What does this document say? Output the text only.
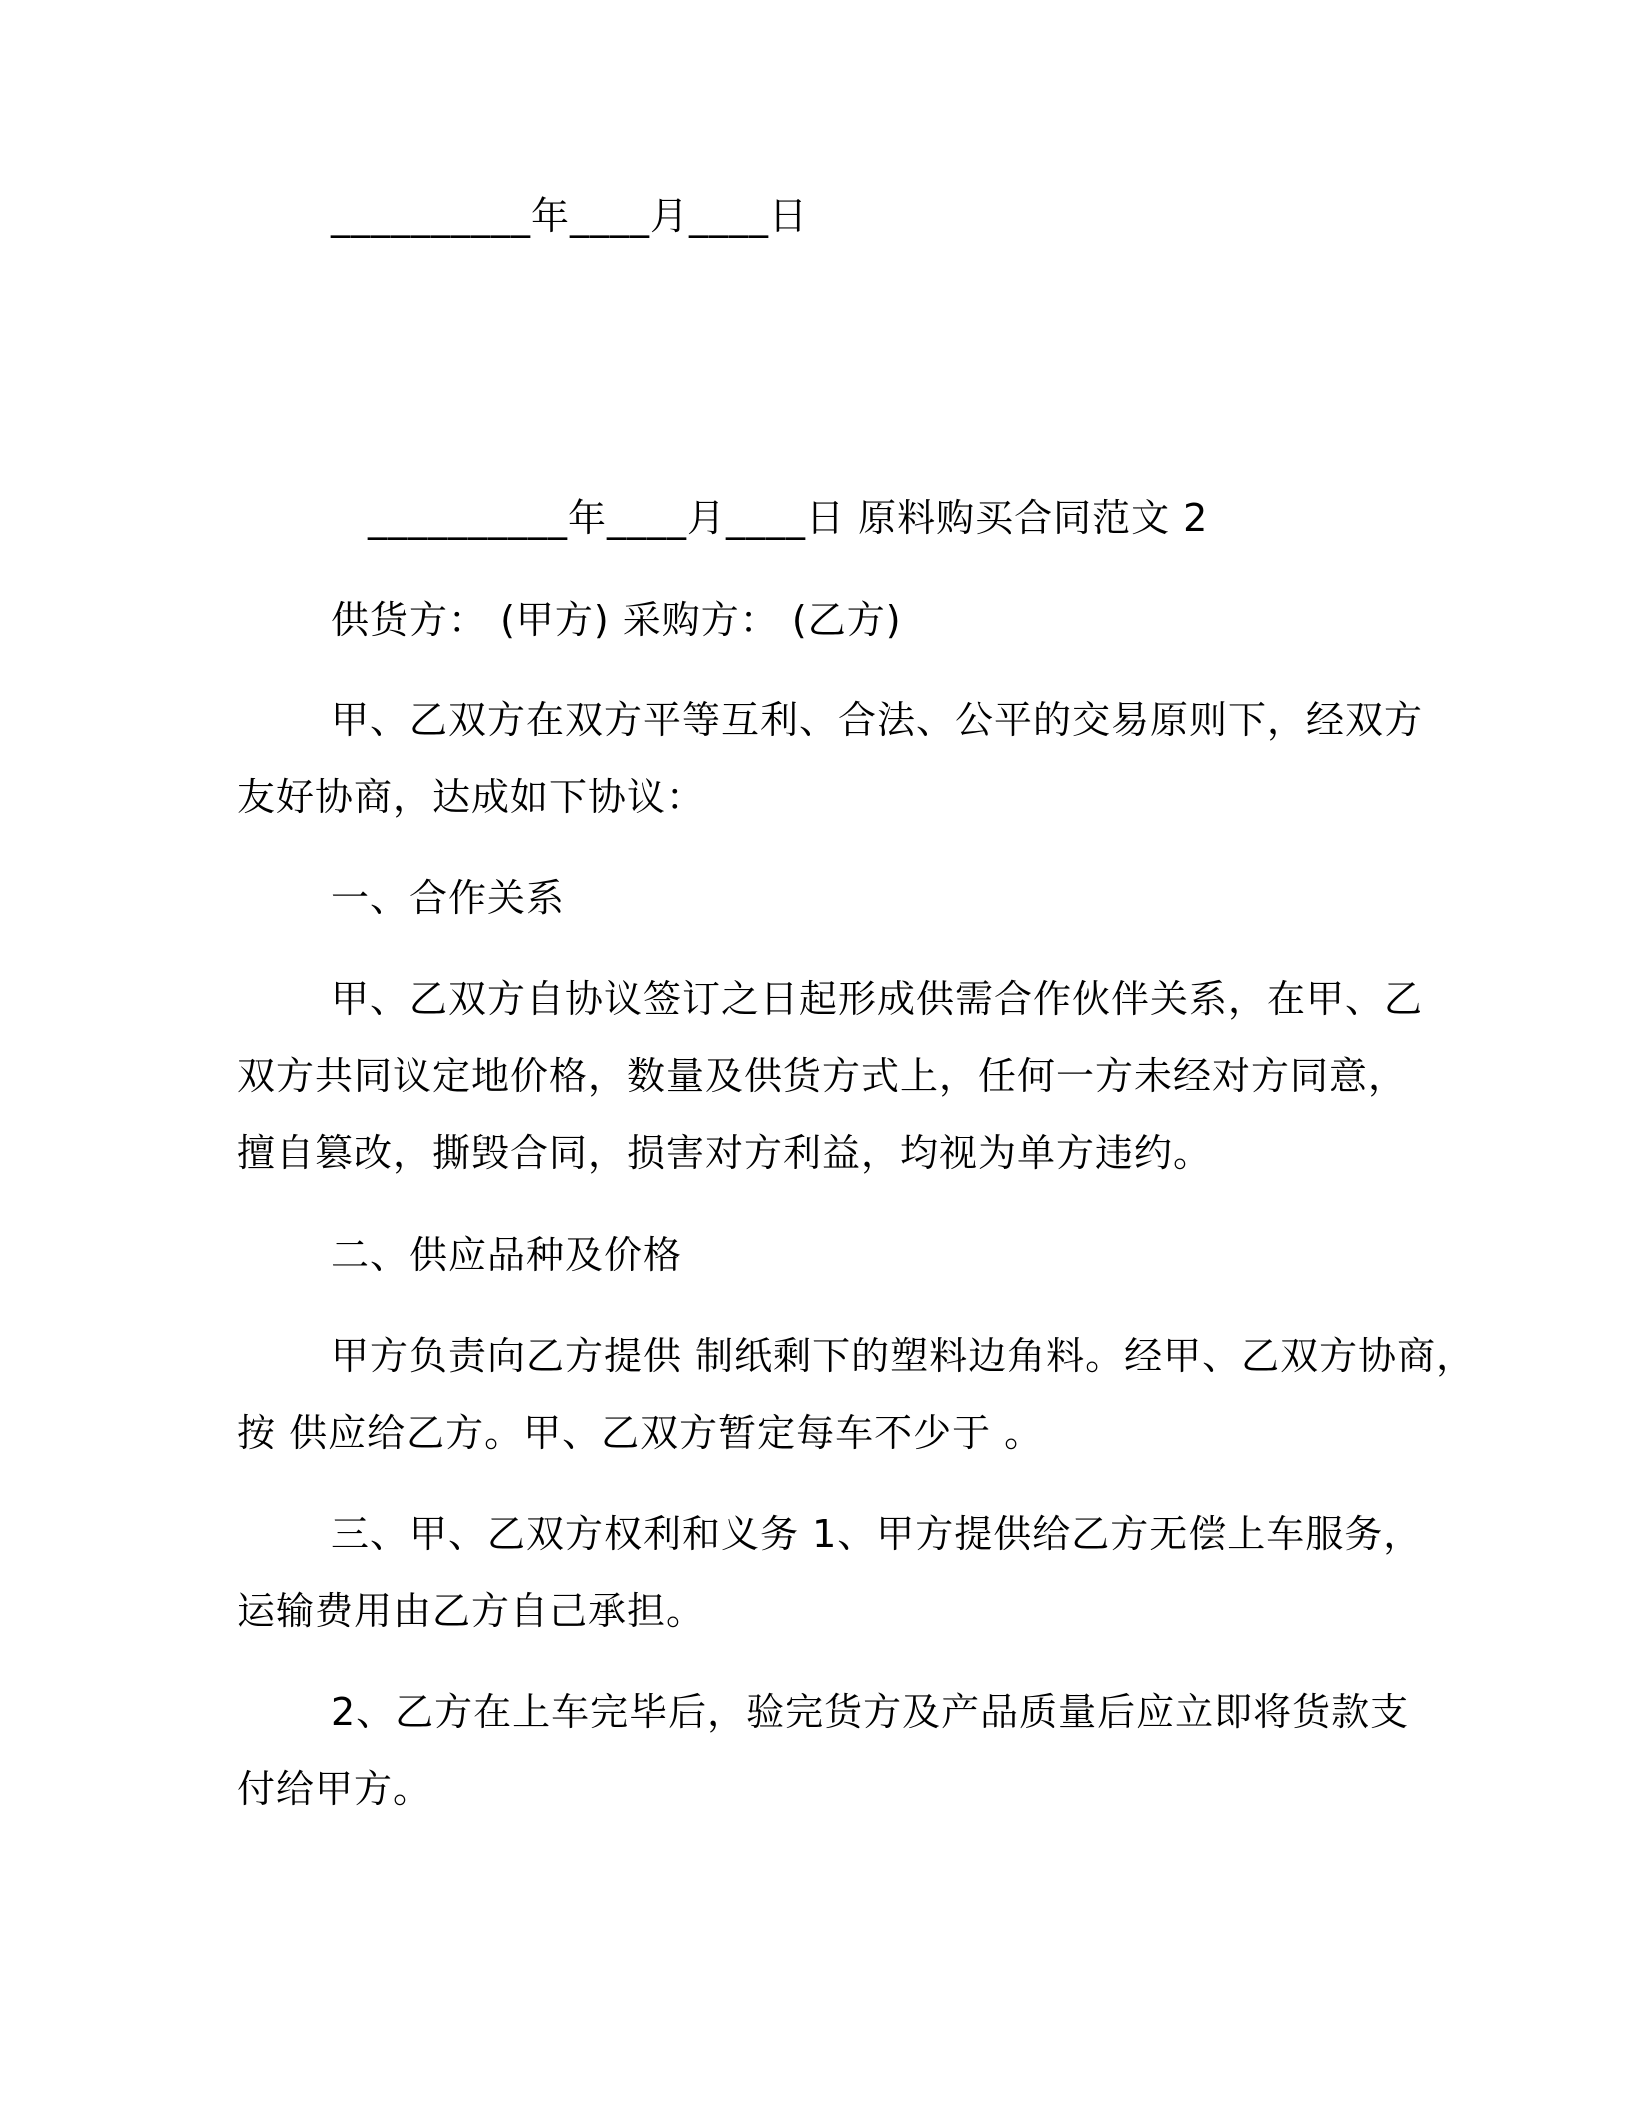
__________年____月____日
__________年____月____日 原料购买合同范文 2
供货方： (甲方) 采购方： (乙方)
甲、乙双方在双方平等互利、合法、公平的交易原则下，经双方
友好协商，达成如下协议：
一、合作关系
甲、乙双方自协议签订之日起形成供需合作伙伴关系，在甲、乙
双方共同议定地价格，数量及供货方式上，任何一方未经对方同意，
擅自篡改，撕毁合同，损害对方利益，均视为单方违约。
二、供应品种及价格
甲方负责向乙方提供 制纸剩下的塑料边角料。经甲、乙双方协商，
按 供应给乙方。甲、乙双方暂定每车不少于 。
三、甲、乙双方权利和义务 1、甲方提供给乙方无偿上车服务，
运输费用由乙方自己承担。
2、乙方在上车完毕后，验完货方及产品质量后应立即将货款支
付给甲方。
